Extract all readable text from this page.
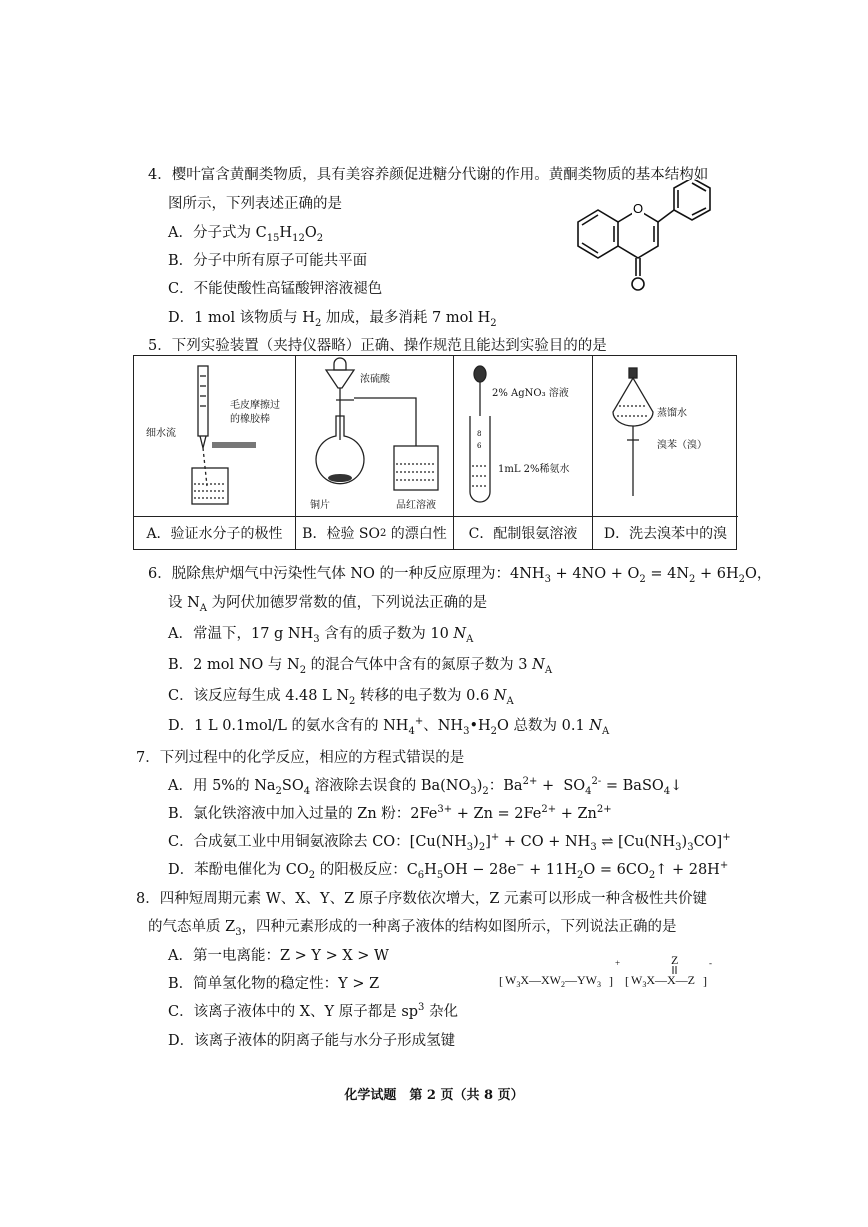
4．樱叶富含黄酮类物质，具有美容养颜促进糖分代谢的作用。黄酮类物质的基本结构如
图所示，下列表述正确的是
A．分子式为 $C_{15}H_{12}O_2$
B．分子中所有原子可能共平面
C．不能使酸性高锰酸钾溶液褪色
D．1 mol 该物质与 $H_2$ 加成，最多消耗 7 mol $H_2$
O
5．下列实验装置（夹持仪器略）正确、操作规范且能达到实验目的的是
细水流
毛皮摩擦过
的橡胶棒
A．验证水分子的极性
浓硫酸
铜片	品红溶液
B．检验 SO 2 的漂白性
8
6
2% AgNO₃ 溶液
1mL 2%稀氨水
C．配制银氨溶液
蒸馏水
溴苯（溴）
D．洗去溴苯中的溴
6．脱除焦炉烟气中污染性气体 NO 的一种反应原理为：$4NH_3 + 4NO + O_2 = 4N_2 + 6H_2O$，
设 $N_A$ 为阿伏加德罗常数的值，下列说法正确的是
A．常温下，17 g $NH_3$ 含有的质子数为 10 $N_A$
B．2 mol NO 与 $N_2$ 的混合气体中含有的氮原子数为 3 $N_A$
C．该反应每生成 4.48 L $N_2$ 转移的电子数为 0.6 $N_A$
D．1 L 0.1mol/L 的氨水含有的 $NH_4^+$、$NH_3•H_2O$ 总数为 0.1 $N_A$
7．下列过程中的化学反应，相应的方程式错误的是
A．用 5%的 $Na_2SO_4$ 溶液除去误食的 $Ba(NO_3)_2$：$Ba^{2+} + SO_4^{2-}$ = BaSO$_4$↓
B．氯化铁溶液中加入过量的 Zn 粉：$2Fe^{3+} + Zn = 2Fe^{2+} + Zn^{2+}$
C．合成氨工业中用铜氨液除去 CO：$[Cu(NH_3)_2]^+$ + CO + $NH_3$ ⇌ $[Cu(NH_3)_3CO]^+$
D．苯酚电催化为 $CO_2$ 的阳极反应：$C_6H_5OH - 28e^- + 11H_2O$ = $6CO_2↑ + 28H^+$
8．四种短周期元素 W、X、Y、Z 原子序数依次增大，Z 元素可以形成一种含极性共价键
的气态单质 $Z_3$，四种元素形成的一种离子液体的结构如图所示，下列说法正确的是
A．第一电离能：Z > Y > X > W
B．简单氢化物的稳定性：Y > Z
C．该离子液体中的 X、Y 原子都是 $sp^3$ 杂化
D．该离子液体的阴离子能与水分子形成氢键
[ $W_3X—XW_2—YW_3$ ]
+
[ $W_3X—X—Z$ ]
-
Z
化学试题　第 2 页（共 8 页）
